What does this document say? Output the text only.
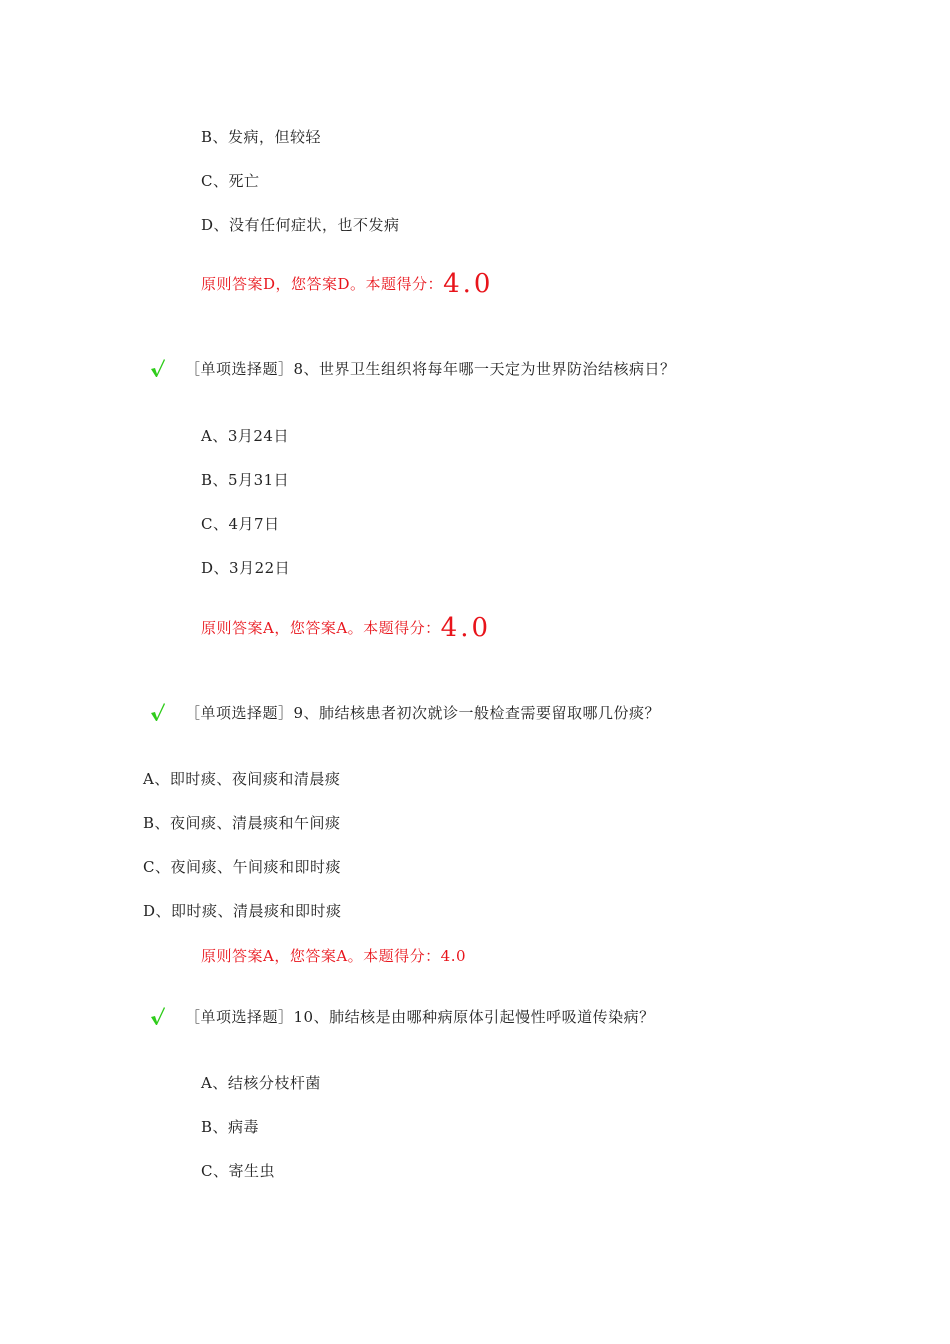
B、发病，但较轻
C、死亡
D、没有任何症状，也不发病
原则答案D，您答案D。本题得分：4.0
［单项选择题］8、世界卫生组织将每年哪一天定为世界防治结核病日？
A、3月24日
B、5月31日
C、4月7日
D、3月22日
原则答案A，您答案A。本题得分：4.0
［单项选择题］9、肺结核患者初次就诊一般检查需要留取哪几份痰？
A、即时痰、夜间痰和清晨痰
B、夜间痰、清晨痰和午间痰
C、夜间痰、午间痰和即时痰
D、即时痰、清晨痰和即时痰
原则答案A，您答案A。本题得分：4.0
［单项选择题］10、肺结核是由哪种病原体引起慢性呼吸道传染病？
A、结核分枝杆菌
B、病毒
C、寄生虫
